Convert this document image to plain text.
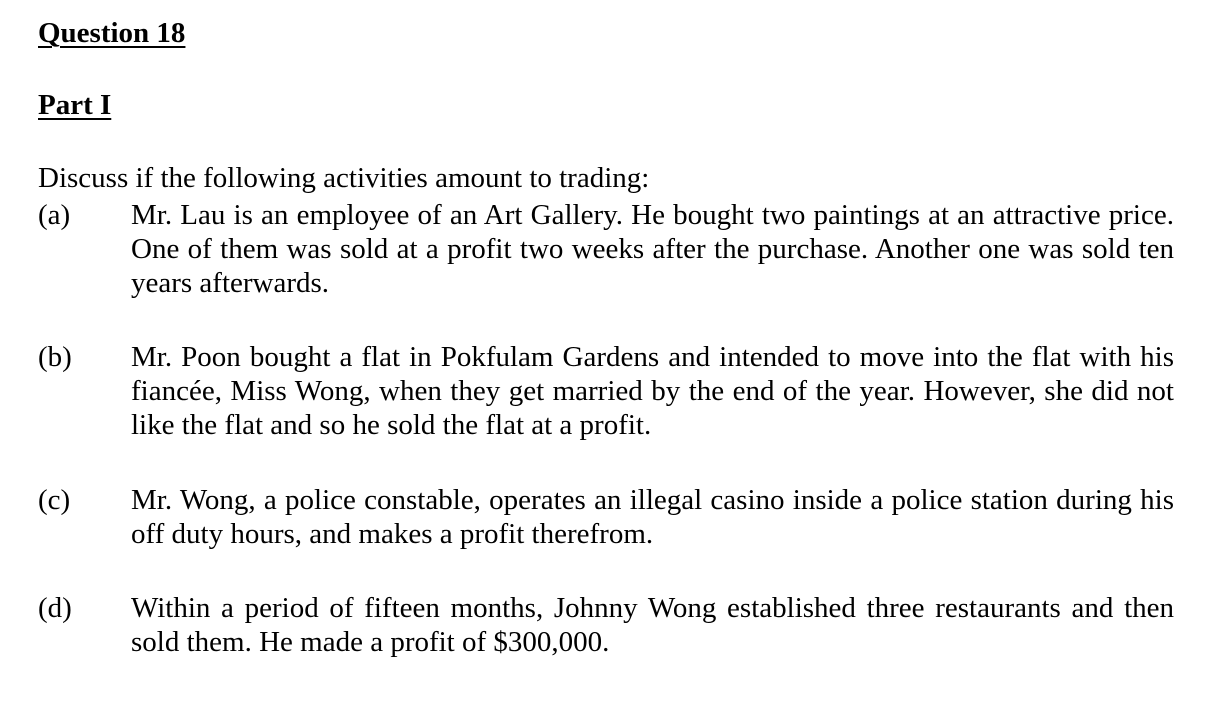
Question 18
Part I

Discuss if the following activities amount to trading:

(a) Mr. Lau is an employee of an Art Gallery. He bought two paintings at an attractive price. One of them was sold at a profit two weeks after the purchase. Another one was sold ten years afterwards.
(b) Mr. Poon bought a flat in Pokfulam Gardens and intended to move into the flat with his fiancée, Miss Wong, when they get married by the end of the year. However, she did not like the flat and so he sold the flat at a profit.
(c) Mr. Wong, a police constable, operates an illegal casino inside a police station during his off duty hours, and makes a profit therefrom.
(d) Within a period of fifteen months, Johnny Wong established three restaurants and then sold them. He made a profit of $300,000.
